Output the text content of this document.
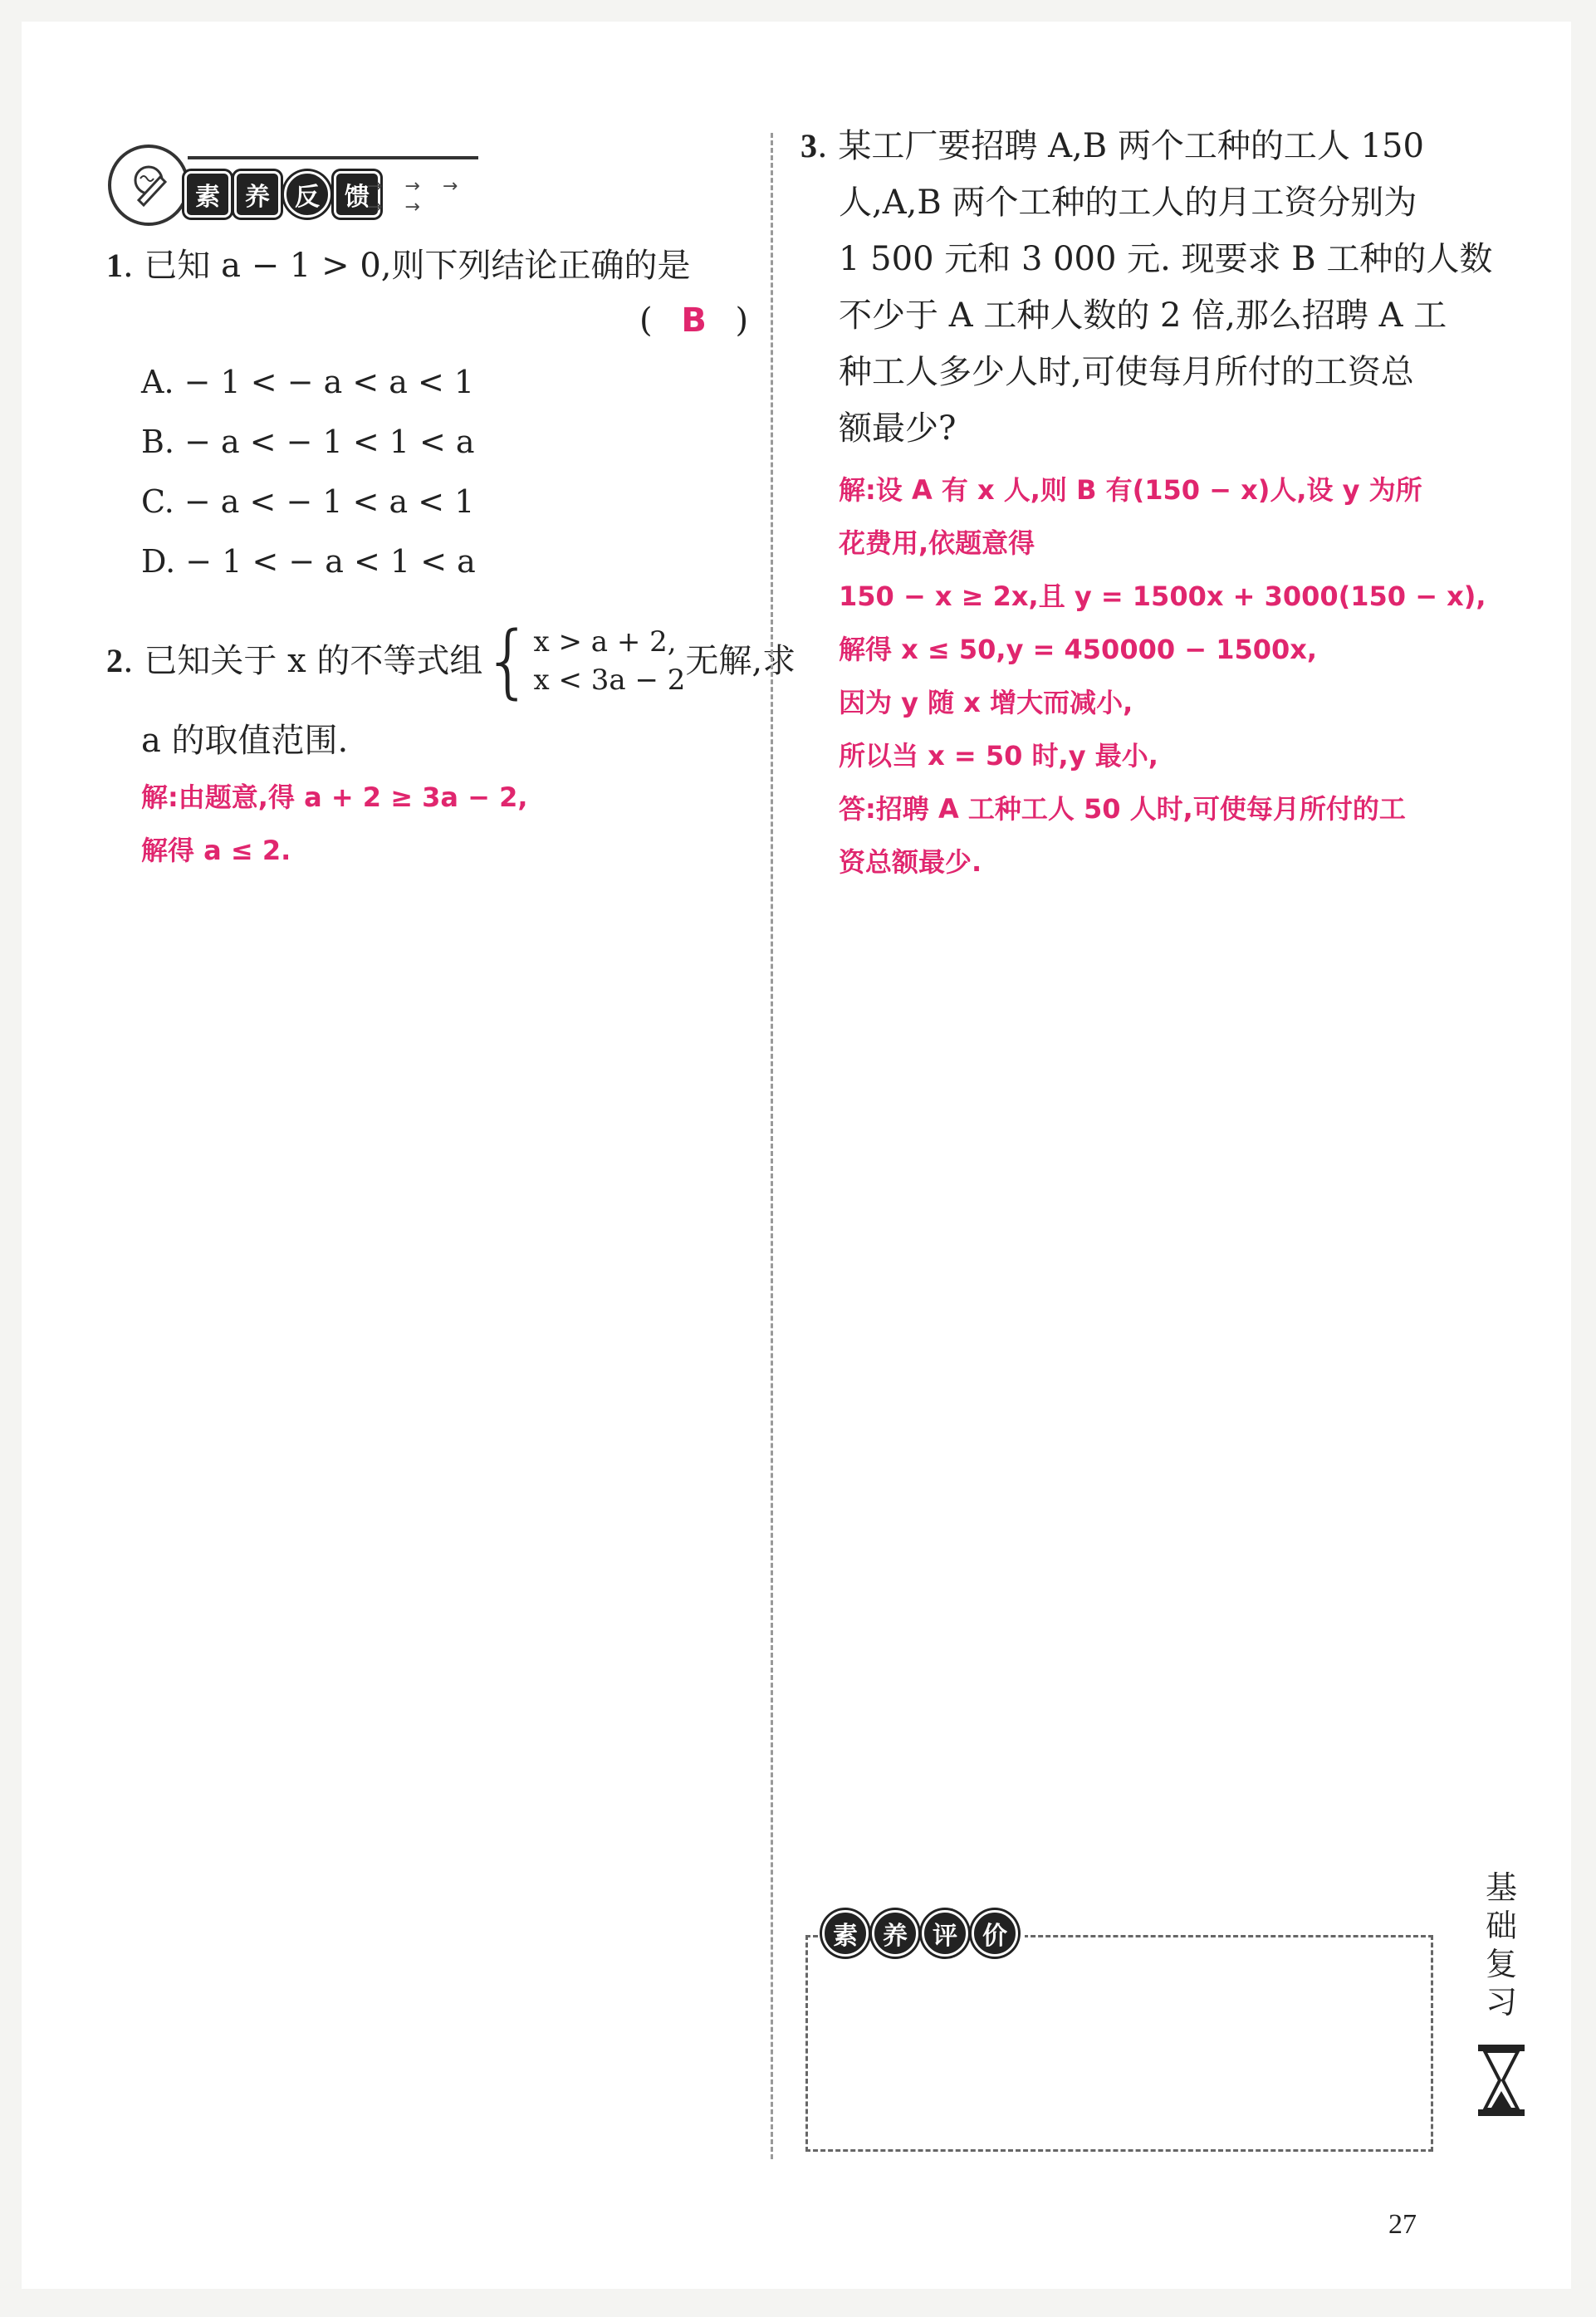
素	养	反	馈
→ → → → →
1. 已知 a − 1 > 0,则下列结论正确的是
( B )
A. − 1 < − a < a < 1
B. − a < − 1 < 1 < a
C. − a < − 1 < a < 1
D. − 1 < − a < 1 < a
2 . 已知关于 x 的不等式组 { x > a + 2,
x < 3a − 2 无解,求
a 的取值范围.
解:由题意,得 a + 2 ≥ 3a − 2,
解得 a ≤ 2.
3. 某工厂要招聘 A,B 两个工种的工人 150
人,A,B 两个工种的工人的月工资分别为
1 500 元和 3 000 元. 现要求 B 工种的人数
不少于 A 工种人数的 2 倍,那么招聘 A 工
种工人多少人时,可使每月所付的工资总
额最少?
解:设 A 有 x 人,则 B 有(150 − x)人,设 y 为所
花费用,依题意得
150 − x ≥ 2x,且 y = 1500x + 3000(150 − x),
解得 x ≤ 50,y = 450000 − 1500x,
因为 y 随 x 增大而减小,
所以当 x = 50 时,y 最小,
答:招聘 A 工种工人 50 人时,可使每月所付的工
资总额最少.
素	养	评	价
基础复习
27
